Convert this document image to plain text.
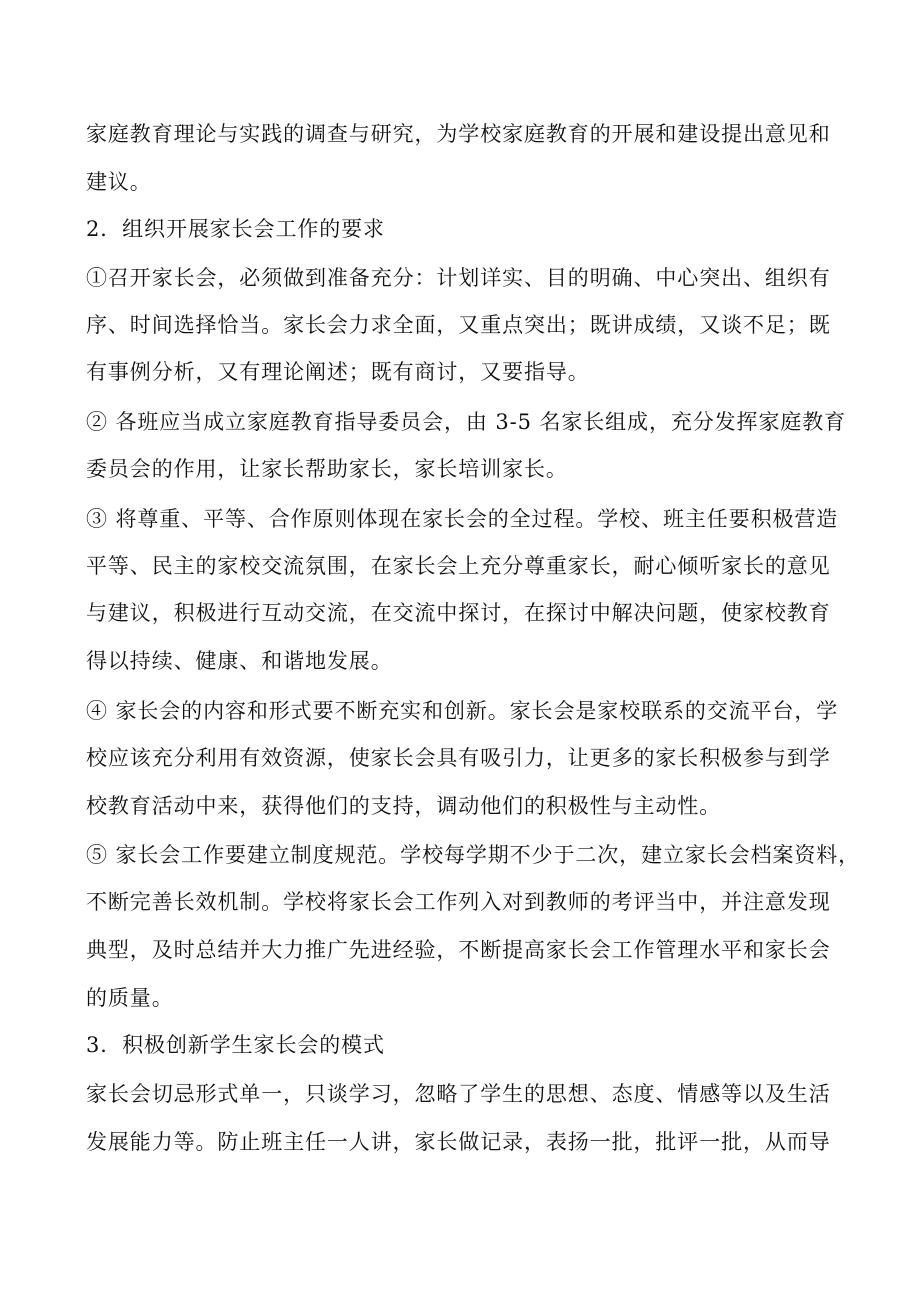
家庭教育理论与实践的调查与研究，为学校家庭教育的开展和建设提出意见和
建议。
2．组织开展家长会工作的要求
①召开家长会，必须做到准备充分：计划详实、目的明确、中心突出、组织有
序、时间选择恰当。家长会力求全面，又重点突出；既讲成绩，又谈不足；既
有事例分析，又有理论阐述；既有商讨，又要指导。
② 各班应当成立家庭教育指导委员会，由 3-5 名家长组成，充分发挥家庭教育
委员会的作用，让家长帮助家长，家长培训家长。
③ 将尊重、平等、合作原则体现在家长会的全过程。学校、班主任要积极营造
平等、民主的家校交流氛围，在家长会上充分尊重家长，耐心倾听家长的意见
与建议，积极进行互动交流，在交流中探讨，在探讨中解决问题，使家校教育
得以持续、健康、和谐地发展。
④ 家长会的内容和形式要不断充实和创新。家长会是家校联系的交流平台，学
校应该充分利用有效资源，使家长会具有吸引力，让更多的家长积极参与到学
校教育活动中来，获得他们的支持，调动他们的积极性与主动性。
⑤ 家长会工作要建立制度规范。学校每学期不少于二次，建立家长会档案资料，
不断完善长效机制。学校将家长会工作列入对到教师的考评当中，并注意发现
典型，及时总结并大力推广先进经验，不断提高家长会工作管理水平和家长会
的质量。
3．积极创新学生家长会的模式
家长会切忌形式单一，只谈学习，忽略了学生的思想、态度、情感等以及生活
发展能力等。防止班主任一人讲，家长做记录，表扬一批，批评一批，从而导
